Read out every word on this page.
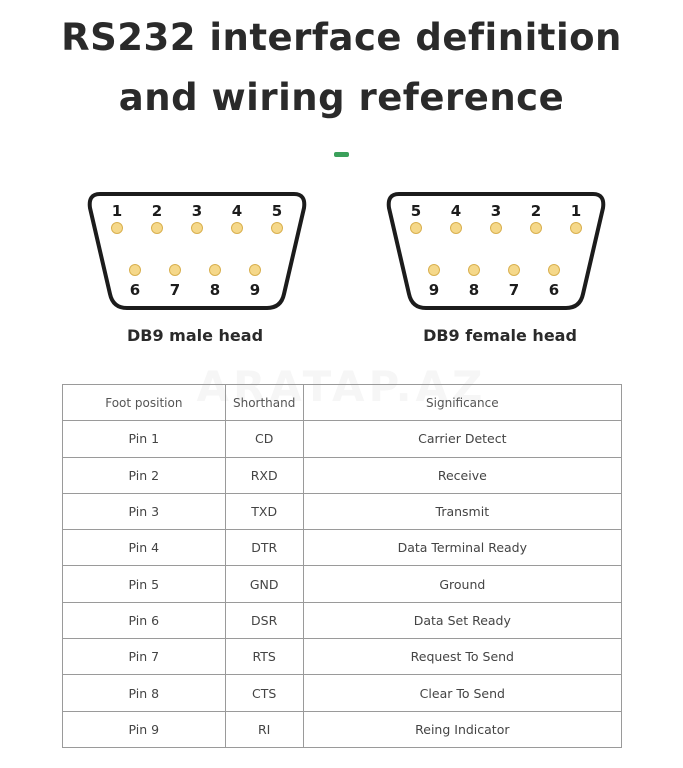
RS232 interface definition
and wiring reference
1 2 3 4 5
6 7 8 9
DB9 male head
5 4 3 2 1
9 8 7 6
DB9 female head
Foot position	Shorthand	Significance
Pin 1	CD	Carrier Detect
Pin 2	RXD	Receive
Pin 3	TXD	Transmit
Pin 4	DTR	Data Terminal Ready
Pin 5	GND	Ground
Pin 6	DSR	Data Set Ready
Pin 7	RTS	Request To Send
Pin 8	CTS	Clear To Send
Pin 9	RI	Reing Indicator
